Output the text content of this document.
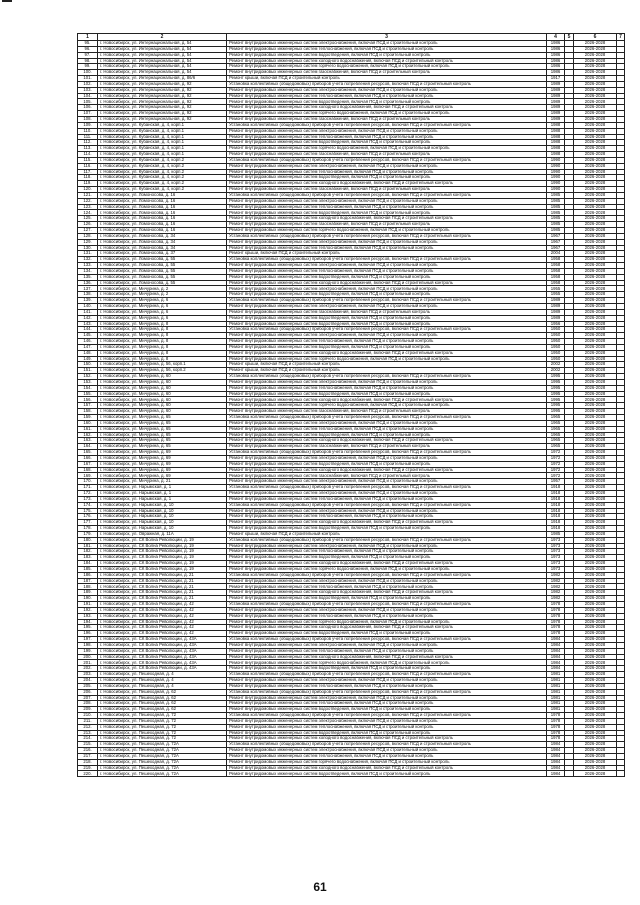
1	2	3	4	5	6	7
95.	г. Новосибирск, ул. Интернациональная, д. 54	Ремонт внутридомовых инженерных систем электроснабжения, включая ПСД и строительный контроль	1986		2026-2028	
96.	г. Новосибирск, ул. Интернациональная, д. 54	Ремонт внутридомовых инженерных систем теплоснабжения, включая ПСД и строительный контроль	1986		2026-2028	
97.	г. Новосибирск, ул. Интернациональная, д. 54	Ремонт внутридомовых инженерных систем водоотведения, включая ПСД и строительный контроль	1986		2026-2028	
98.	г. Новосибирск, ул. Интернациональная, д. 54	Ремонт внутридомовых инженерных систем холодного водоснабжения, включая ПСД и строительный контроль	1986		2026-2028	
99.	г. Новосибирск, ул. Интернациональная, д. 54	Ремонт внутридомовых инженерных систем горячего водоснабжения, включая ПСД и строительный контроль	1986		2026-2028	
100.	г. Новосибирск, ул. Интернациональная, д. 54	Ремонт внутридомовых инженерных систем газоснабжения, включая ПСД и строительный контроль	1986		2026-2028	
101.	г. Новосибирск, ул. Интернациональная, д. 86/6	Ремонт крыши, включая ПСД и строительный контроль	1917		2026-2028	
102.	г. Новосибирск, ул. Интернациональная, д. 92	Установка коллективных (общедомовых) приборов учета потребления ресурсов, включая ПСД и строительный контроль	1989		2026-2028	
103.	г. Новосибирск, ул. Интернациональная, д. 92	Ремонт внутридомовых инженерных систем электроснабжения, включая ПСД и строительный контроль	1989		2026-2028	
104.	г. Новосибирск, ул. Интернациональная, д. 92	Ремонт внутридомовых инженерных систем теплоснабжения, включая ПСД и строительный контроль	1989		2026-2028	
105.	г. Новосибирск, ул. Интернациональная, д. 92	Ремонт внутридомовых инженерных систем водоотведения, включая ПСД и строительный контроль	1989		2026-2028	
106.	г. Новосибирск, ул. Интернациональная, д. 92	Ремонт внутридомовых инженерных систем холодного водоснабжения, включая ПСД и строительный контроль	1989		2026-2028	
107.	г. Новосибирск, ул. Интернациональная, д. 92	Ремонт внутридомовых инженерных систем горячего водоснабжения, включая ПСД и строительный контроль	1989		2026-2028	
108.	г. Новосибирск, ул. Интернациональная, д. 92	Ремонт внутридомовых инженерных систем газоснабжения, включая ПСД и строительный контроль	1989		2026-2028	
109.	г. Новосибирск, ул. Кубанская, д. 4, корп.1	Установка коллективных (общедомовых) приборов учета потребления ресурсов, включая ПСД и строительный контроль	1988		2026-2028	
110.	г. Новосибирск, ул. Кубанская, д. 4, корп.1	Ремонт внутридомовых инженерных систем электроснабжения, включая ПСД и строительный контроль	1988		2026-2028	
111.	г. Новосибирск, ул. Кубанская, д. 4, корп.1	Ремонт внутридомовых инженерных систем теплоснабжения, включая ПСД и строительный контроль	1988		2026-2028	
112.	г. Новосибирск, ул. Кубанская, д. 4, корп.1	Ремонт внутридомовых инженерных систем водоотведения, включая ПСД и строительный контроль	1988		2026-2028	
113.	г. Новосибирск, ул. Кубанская, д. 4, корп.1	Ремонт внутридомовых инженерных систем горячего водоснабжения, включая ПСД и строительный контроль	1988		2026-2028	
114.	г. Новосибирск, ул. Кубанская, д. 4, корп.1	Ремонт внутридомовых инженерных систем газоснабжения, включая ПСД и строительный контроль	1988		2026-2028	
115.	г. Новосибирск, ул. Кубанская, д. 4, корп.2	Установка коллективных (общедомовых) приборов учета потребления ресурсов, включая ПСД и строительный контроль	1990		2026-2028	
116.	г. Новосибирск, ул. Кубанская, д. 4, корп.2	Ремонт внутридомовых инженерных систем электроснабжения, включая ПСД и строительный контроль	1990		2026-2028	
117.	г. Новосибирск, ул. Кубанская, д. 4, корп.2	Ремонт внутридомовых инженерных систем теплоснабжения, включая ПСД и строительный контроль	1990		2026-2028	
118.	г. Новосибирск, ул. Кубанская, д. 4, корп.2	Ремонт внутридомовых инженерных систем водоотведения, включая ПСД и строительный контроль	1990		2026-2028	
119.	г. Новосибирск, ул. Кубанская, д. 4, корп.2	Ремонт внутридомовых инженерных систем холодного водоснабжения, включая ПСД и строительный контроль	1990		2026-2028	
120.	г. Новосибирск, ул. Кубанская, д. 4, корп.2	Ремонт внутридомовых инженерных систем газоснабжения, включая ПСД и строительный контроль	1990		2026-2028	
121.	г. Новосибирск, ул. Ломоносова, д. 16	Установка коллективных (общедомовых) приборов учета потребления ресурсов, включая ПСД и строительный контроль	1985		2026-2028	
122.	г. Новосибирск, ул. Ломоносова, д. 16	Ремонт внутридомовых инженерных систем электроснабжения, включая ПСД и строительный контроль	1985		2026-2028	
123.	г. Новосибирск, ул. Ломоносова, д. 16	Ремонт внутридомовых инженерных систем теплоснабжения, включая ПСД и строительный контроль	1985		2026-2028	
124.	г. Новосибирск, ул. Ломоносова, д. 16	Ремонт внутридомовых инженерных систем водоотведения, включая ПСД и строительный контроль	1985		2026-2028	
125.	г. Новосибирск, ул. Ломоносова, д. 16	Ремонт внутридомовых инженерных систем холодного водоснабжения, включая ПСД и строительный контроль	1985		2026-2028	
126.	г. Новосибирск, ул. Ломоносова, д. 16	Ремонт внутридомовых инженерных систем газоснабжения, включая ПСД и строительный контроль	1985		2026-2028	
127.	г. Новосибирск, ул. Ломоносова, д. 16	Ремонт внутридомовых инженерных систем горячего водоснабжения, включая ПСД и строительный контроль	1985		2026-2028	
128.	г. Новосибирск, ул. Ломоносова, д. 34	Установка коллективных (общедомовых) приборов учета потребления ресурсов, включая ПСД и строительный контроль	1967		2026-2028	
129.	г. Новосибирск, ул. Ломоносова, д. 34	Ремонт внутридомовых инженерных систем электроснабжения, включая ПСД и строительный контроль	1967		2026-2028	
130.	г. Новосибирск, ул. Ломоносова, д. 34	Ремонт внутридомовых инженерных систем теплоснабжения, включая ПСД и строительный контроль	1967		2026-2028	
131.	г. Новосибирск, ул. Ломоносова, д. 37	Ремонт крыши, включая ПСД и строительный контроль	2004		2026-2028	
132.	г. Новосибирск, ул. Ломоносова, д. 55	Установка коллективных (общедомовых) приборов учета потребления ресурсов, включая ПСД и строительный контроль	1958		2026-2028	
133.	г. Новосибирск, ул. Ломоносова, д. 55	Ремонт внутридомовых инженерных систем электроснабжения, включая ПСД и строительный контроль	1958		2026-2028	
134.	г. Новосибирск, ул. Ломоносова, д. 55	Ремонт внутридомовых инженерных систем теплоснабжения, включая ПСД и строительный контроль	1958		2026-2028	
135.	г. Новосибирск, ул. Ломоносова, д. 55	Ремонт внутридомовых инженерных систем водоотведения, включая ПСД и строительный контроль	1958		2026-2028	
136.	г. Новосибирск, ул. Ломоносова, д. 55	Ремонт внутридомовых инженерных систем холодного водоснабжения, включая ПСД и строительный контроль	1958		2026-2028	
137.	г. Новосибирск, ул. Мичурина, д. 2	Ремонт внутридомовых инженерных систем электроснабжения, включая ПСД и строительный контроль	1955		2026-2028	
138.	г. Новосибирск, ул. Мичурина, д. 2	Ремонт внутридомовых инженерных систем водоотведения, включая ПСД и строительный контроль	1955		2026-2028	
139.	г. Новосибирск, ул. Мичурина, д. 6	Установка коллективных (общедомовых) приборов учета потребления ресурсов, включая ПСД и строительный контроль	1989		2026-2028	
140.	г. Новосибирск, ул. Мичурина, д. 6	Ремонт внутридомовых инженерных систем электроснабжения, включая ПСД и строительный контроль	1989		2026-2028	
141.	г. Новосибирск, ул. Мичурина, д. 6	Ремонт внутридомовых инженерных систем газоснабжения, включая ПСД и строительный контроль	1989		2026-2028	
142.	г. Новосибирск, ул. Мичурина, д. 6	Ремонт внутридомовых инженерных систем водоотведения, включая ПСД и строительный контроль	1989		2026-2028	
143.	г. Новосибирск, ул. Мичурина, д. 8	Ремонт внутридомовых инженерных систем водоотведения, включая ПСД и строительный контроль	1956		2026-2028	
144.	г. Новосибирск, ул. Мичурина, д. 8	Установка коллективных (общедомовых) приборов учета потребления ресурсов, включая ПСД и строительный контроль	1950		2026-2028	
145.	г. Новосибирск, ул. Мичурина, д. 8	Ремонт внутридомовых инженерных систем электроснабжения, включая ПСД и строительный контроль	1950		2026-2028	
146.	г. Новосибирск, ул. Мичурина, д. 8	Ремонт внутридомовых инженерных систем теплоснабжения, включая ПСД и строительный контроль	1950		2026-2028	
147.	г. Новосибирск, ул. Мичурина, д. 8	Ремонт внутридомовых инженерных систем водоотведения, включая ПСД и строительный контроль	1950		2026-2028	
148.	г. Новосибирск, ул. Мичурина, д. 8	Ремонт внутридомовых инженерных систем холодного водоснабжения, включая ПСД и строительный контроль	1950		2026-2028	
149.	г. Новосибирск, ул. Мичурина, д. 8	Ремонт внутридомовых инженерных систем горячего водоснабжения, включая ПСД и строительный контроль	1950		2026-2028	
150.	г. Новосибирск, ул. Мичурина, д. 56, корп.1	Ремонт крыши, включая ПСД и строительный контроль	2002		2026-2028	
151.	г. Новосибирск, ул. Мичурина, д. 56, корп.2	Ремонт крыши, включая ПСД и строительный контроль	2002		2026-2028	
152.	г. Новосибирск, ул. Мичурина, д. 60	Установка коллективных (общедомовых) приборов учета потребления ресурсов, включая ПСД и строительный контроль	1995		2026-2028	
153.	г. Новосибирск, ул. Мичурина, д. 60	Ремонт внутридомовых инженерных систем электроснабжения, включая ПСД и строительный контроль	1995		2026-2028	
154.	г. Новосибирск, ул. Мичурина, д. 60	Ремонт внутридомовых инженерных систем теплоснабжения, включая ПСД и строительный контроль	1995		2026-2028	
155.	г. Новосибирск, ул. Мичурина, д. 60	Ремонт внутридомовых инженерных систем водоотведения, включая ПСД и строительный контроль	1995		2026-2028	
156.	г. Новосибирск, ул. Мичурина, д. 60	Ремонт внутридомовых инженерных систем холодного водоснабжения, включая ПСД и строительный контроль	1995		2026-2028	
157.	г. Новосибирск, ул. Мичурина, д. 60	Ремонт внутридомовых инженерных систем горячего водоснабжения, включая ПСД и строительный контроль	1995		2026-2028	
158.	г. Новосибирск, ул. Мичурина, д. 60	Ремонт внутридомовых инженерных систем газоснабжения, включая ПСД и строительный контроль	1995		2026-2028	
159.	г. Новосибирск, ул. Мичурина, д. 65	Установка коллективных (общедомовых) приборов учета потребления ресурсов, включая ПСД и строительный контроль	1965		2026-2028	
160.	г. Новосибирск, ул. Мичурина, д. 65	Ремонт внутридомовых инженерных систем электроснабжения, включая ПСД и строительный контроль	1965		2026-2028	
161.	г. Новосибирск, ул. Мичурина, д. 65	Ремонт внутридомовых инженерных систем теплоснабжения, включая ПСД и строительный контроль	1965		2026-2028	
162.	г. Новосибирск, ул. Мичурина, д. 65	Ремонт внутридомовых инженерных систем водоотведения, включая ПСД и строительный контроль	1965		2026-2028	
163.	г. Новосибирск, ул. Мичурина, д. 65	Ремонт внутридомовых инженерных систем холодного водоснабжения, включая ПСД и строительный контроль	1965		2026-2028	
164.	г. Новосибирск, ул. Мичурина, д. 65	Ремонт внутридомовых инженерных систем газоснабжения, включая ПСД и строительный контроль	1965		2026-2028	
165.	г. Новосибирск, ул. Мичурина, д. 69	Установка коллективных (общедомовых) приборов учета потребления ресурсов, включая ПСД и строительный контроль	1972		2026-2028	
166.	г. Новосибирск, ул. Мичурина, д. 69	Ремонт внутридомовых инженерных систем электроснабжения, включая ПСД и строительный контроль	1972		2026-2028	
167.	г. Новосибирск, ул. Мичурина, д. 69	Ремонт внутридомовых инженерных систем водоотведения, включая ПСД и строительный контроль	1972		2026-2028	
168.	г. Новосибирск, ул. Мичурина, д. 69	Ремонт внутридомовых инженерных систем холодного водоснабжения, включая ПСД и строительный контроль	1972		2026-2028	
169.	г. Новосибирск, ул. Мичурина, д. 69	Ремонт внутридомовых инженерных систем газоснабжения, включая ПСД и строительный контроль	1972		2026-2028	
170.	г. Новосибирск, ул. Мичурина, д. 21	Ремонт внутридомовых инженерных систем электроснабжения, включая ПСД и строительный контроль	1957		2026-2028	
171.	г. Новосибирск, ул. Нарымская, д. 1	Установка коллективных (общедомовых) приборов учета потребления ресурсов, включая ПСД и строительный контроль	1918		2026-2028	
172.	г. Новосибирск, ул. Нарымская, д. 1	Ремонт внутридомовых инженерных систем электроснабжения, включая ПСД и строительный контроль	1918		2026-2028	
173.	г. Новосибирск, ул. Нарымская, д. 1	Ремонт внутридомовых инженерных систем теплоснабжения, включая ПСД и строительный контроль	1918		2026-2028	
174.	г. Новосибирск, ул. Нарымская, д. 10	Установка коллективных (общедомовых) приборов учета потребления ресурсов, включая ПСД и строительный контроль	1918		2026-2028	
175.	г. Новосибирск, ул. Нарымская, д. 10	Ремонт внутридомовых инженерных систем электроснабжения, включая ПСД и строительный контроль	1918		2026-2028	
176.	г. Новосибирск, ул. Нарымская, д. 10	Ремонт внутридомовых инженерных систем теплоснабжения, включая ПСД и строительный контроль	1918		2026-2028	
177.	г. Новосибирск, ул. Нарымская, д. 10	Ремонт внутридомовых инженерных систем холодного водоснабжения, включая ПСД и строительный контроль	1918		2026-2028	
178.	г. Новосибирск, ул. Нарымская, д. 10	Ремонт внутридомовых инженерных систем водоотведения, включая ПСД и строительный контроль	1918		2026-2028	
179.	г. Новосибирск, ул. Овражная, д. 11А	Ремонт крыши, включая ПСД и строительный контроль	1985		2026-2028	
180.	г. Новосибирск, ул. СК Волна Революции, д. 19	Установка коллективных (общедомовых) приборов учета потребления ресурсов, включая ПСД и строительный контроль	1973		2026-2028	
181.	г. Новосибирск, ул. СК Волна Революции, д. 19	Ремонт внутридомовых инженерных систем электроснабжения, включая ПСД и строительный контроль	1973		2026-2028	
182.	г. Новосибирск, ул. СК Волна Революции, д. 19	Ремонт внутридомовых инженерных систем теплоснабжения, включая ПСД и строительный контроль	1973		2026-2028	
183.	г. Новосибирск, ул. СК Волна Революции, д. 19	Ремонт внутридомовых инженерных систем водоотведения, включая ПСД и строительный контроль	1973		2026-2028	
184.	г. Новосибирск, ул. СК Волна Революции, д. 19	Ремонт внутридомовых инженерных систем холодного водоснабжения, включая ПСД и строительный контроль	1973		2026-2028	
185.	г. Новосибирск, ул. СК Волна Революции, д. 19	Ремонт внутридомовых инженерных систем горячего водоснабжения, включая ПСД и строительный контроль	1973		2026-2028	
186.	г. Новосибирск, ул. СК Волна Революции, д. 21	Установка коллективных (общедомовых) приборов учета потребления ресурсов, включая ПСД и строительный контроль	1982		2026-2028	
187.	г. Новосибирск, ул. СК Волна Революции, д. 21	Ремонт внутридомовых инженерных систем электроснабжения, включая ПСД и строительный контроль	1982		2026-2028	
188.	г. Новосибирск, ул. СК Волна Революции, д. 21	Ремонт внутридомовых инженерных систем теплоснабжения, включая ПСД и строительный контроль	1982		2026-2028	
189.	г. Новосибирск, ул. СК Волна Революции, д. 21	Ремонт внутридомовых инженерных систем холодного водоснабжения, включая ПСД и строительный контроль	1982		2026-2028	
190.	г. Новосибирск, ул. СК Волна Революции, д. 21	Ремонт внутридомовых инженерных систем водоотведения, включая ПСД и строительный контроль	1982		2026-2028	
191.	г. Новосибирск, ул. СК Волна Революции, д. 42	Установка коллективных (общедомовых) приборов учета потребления ресурсов, включая ПСД и строительный контроль	1978		2026-2028	
192.	г. Новосибирск, ул. СК Волна Революции, д. 42	Ремонт внутридомовых инженерных систем электроснабжения, включая ПСД и строительный контроль	1978		2026-2028	
193.	г. Новосибирск, ул. СК Волна Революции, д. 42	Ремонт внутридомовых инженерных систем теплоснабжения, включая ПСД и строительный контроль	1978		2026-2028	
194.	г. Новосибирск, ул. СК Волна Революции, д. 42	Ремонт внутридомовых инженерных систем горячего водоснабжения, включая ПСД и строительный контроль	1978		2026-2028	
195.	г. Новосибирск, ул. СК Волна Революции, д. 42	Ремонт внутридомовых инженерных систем холодного водоснабжения, включая ПСД и строительный контроль	1978		2026-2028	
196.	г. Новосибирск, ул. СК Волна Революции, д. 42	Ремонт внутридомовых инженерных систем водоотведения, включая ПСД и строительный контроль	1978		2026-2028	
197.	г. Новосибирск, ул. СК Волна Революции, д. 43А	Установка коллективных (общедомовых) приборов учета потребления ресурсов, включая ПСД и строительный контроль	1984		2026-2028	
198.	г. Новосибирск, ул. СК Волна Революции, д. 43А	Ремонт внутридомовых инженерных систем электроснабжения, включая ПСД и строительный контроль	1984		2026-2028	
199.	г. Новосибирск, ул. СК Волна Революции, д. 43А	Ремонт внутридомовых инженерных систем теплоснабжения, включая ПСД и строительный контроль	1984		2026-2028	
200.	г. Новосибирск, ул. СК Волна Революции, д. 43А	Ремонт внутридомовых инженерных систем холодного водоснабжения, включая ПСД и строительный контроль	1984		2026-2028	
201.	г. Новосибирск, ул. СК Волна Революции, д. 43А	Ремонт внутридомовых инженерных систем горячего водоснабжения, включая ПСД и строительный контроль	1984		2026-2028	
202.	г. Новосибирск, ул. СК Волна Революции, д. 43А	Ремонт внутридомовых инженерных систем водоотведения, включая ПСД и строительный контроль	1984		2026-2028	
203.	г. Новосибирск, ул. Пешеходная, д. 4	Установка коллективных (общедомовых) приборов учета потребления ресурсов, включая ПСД и строительный контроль	1981		2026-2028	
204.	г. Новосибирск, ул. Пешеходная, д. 4	Ремонт внутридомовых инженерных систем электроснабжения, включая ПСД и строительный контроль	1981		2026-2028	
205.	г. Новосибирск, ул. Пешеходная, д. 4	Ремонт внутридомовых инженерных систем теплоснабжения, включая ПСД и строительный контроль	1981		2026-2028	
206.	г. Новосибирск, ул. Пешеходная, д. 62	Установка коллективных (общедомовых) приборов учета потребления ресурсов, включая ПСД и строительный контроль	1981		2026-2028	
207.	г. Новосибирск, ул. Пешеходная, д. 62	Ремонт внутридомовых инженерных систем электроснабжения, включая ПСД и строительный контроль	1981		2026-2028	
208.	г. Новосибирск, ул. Пешеходная, д. 62	Ремонт внутридомовых инженерных систем теплоснабжения, включая ПСД и строительный контроль	1981		2026-2028	
209.	г. Новосибирск, ул. Пешеходная, д. 62	Ремонт внутридомовых инженерных систем водоотведения, включая ПСД и строительный контроль	1981		2026-2028	
210.	г. Новосибирск, ул. Пешеходная, д. 72	Установка коллективных (общедомовых) приборов учета потребления ресурсов, включая ПСД и строительный контроль	1978		2026-2028	
211.	г. Новосибирск, ул. Пешеходная, д. 72	Ремонт внутридомовых инженерных систем электроснабжения, включая ПСД и строительный контроль	1978		2026-2028	
212.	г. Новосибирск, ул. Пешеходная, д. 72	Ремонт внутридомовых инженерных систем теплоснабжения, включая ПСД и строительный контроль	1978		2026-2028	
213.	г. Новосибирск, ул. Пешеходная, д. 72	Ремонт внутридомовых инженерных систем водоотведения, включая ПСД и строительный контроль	1978		2026-2028	
214.	г. Новосибирск, ул. Пешеходная, д. 72	Ремонт внутридомовых инженерных систем холодного водоснабжения, включая ПСД и строительный контроль	1978		2026-2028	
215.	г. Новосибирск, ул. Пешеходная, д. 72А	Установка коллективных (общедомовых) приборов учета потребления ресурсов, включая ПСД и строительный контроль	1984		2026-2028	
216.	г. Новосибирск, ул. Пешеходная, д. 72А	Ремонт внутридомовых инженерных систем электроснабжения, включая ПСД и строительный контроль	1984		2026-2028	
217.	г. Новосибирск, ул. Пешеходная, д. 72А	Ремонт внутридомовых инженерных систем теплоснабжения, включая ПСД и строительный контроль	1984		2026-2028	
218.	г. Новосибирск, ул. Пешеходная, д. 72А	Ремонт внутридомовых инженерных систем горячего водоснабжения, включая ПСД и строительный контроль	1984		2026-2028	
219.	г. Новосибирск, ул. Пешеходная, д. 72А	Ремонт внутридомовых инженерных систем холодного водоснабжения, включая ПСД и строительный контроль	1984		2026-2028	
220.	г. Новосибирск, ул. Пешеходная, д. 72А	Ремонт внутридомовых инженерных систем водоотведения, включая ПСД и строительный контроль	1984		2026-2028	
61
